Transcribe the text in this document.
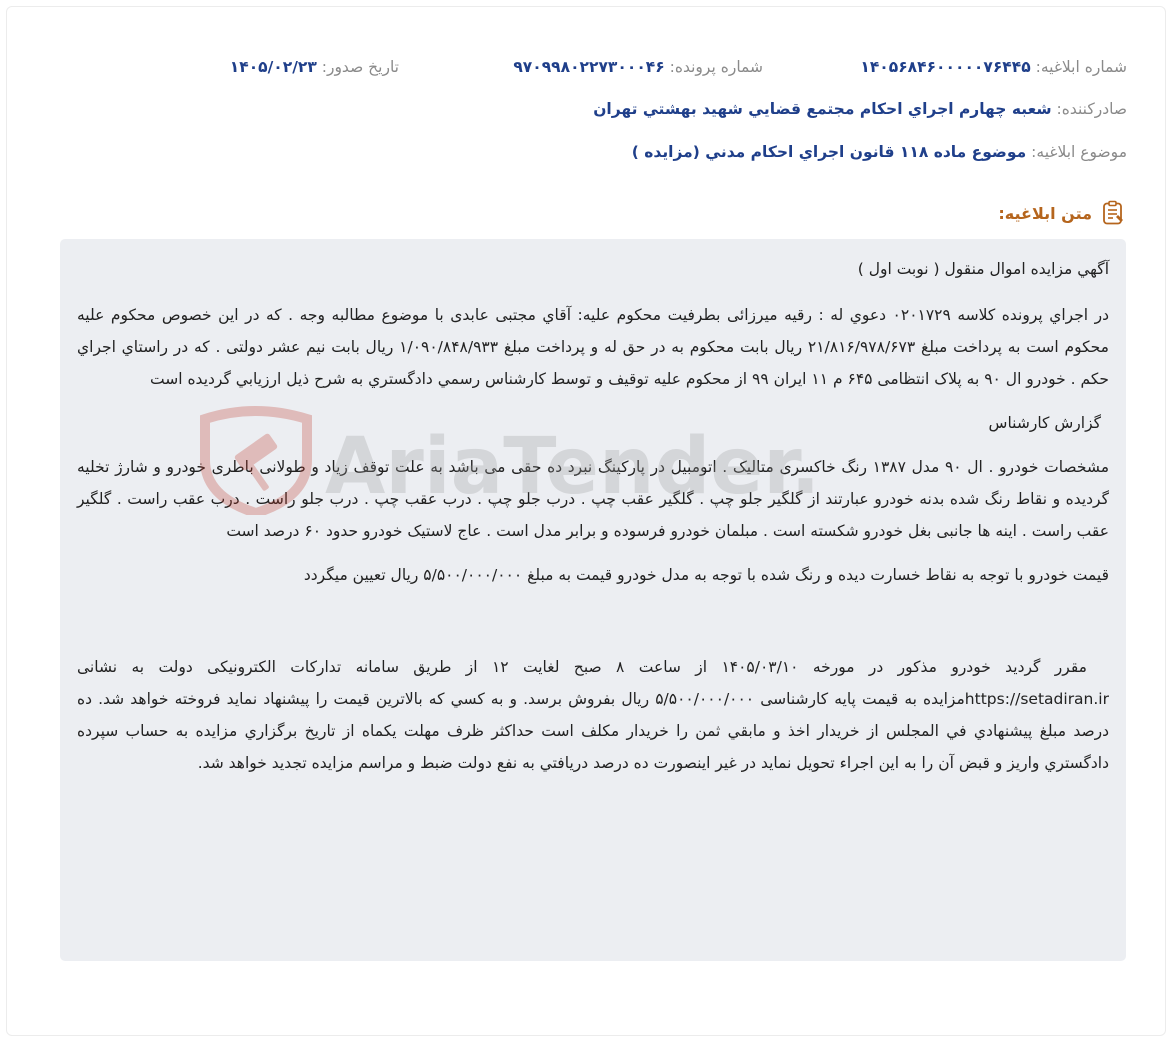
شماره ابلاغيه: ۱۴۰۵۶۸۴۶۰۰۰۰۰۷۶۴۴۵
شماره پرونده: ۹۷۰۹۹۸۰۲۲۷۳۰۰۰۴۶
تاريخ صدور: ۱۴۰۵/۰۲/۲۳
صادرکننده: شعبه چهارم اجراي احکام مجتمع قضايي شهيد بهشتي تهران
موضوع ابلاغيه: موضوع ماده ۱۱۸ قانون اجراي احکام مدني (مزايده )
متن ابلاغيه:

آگهي مزايده اموال منقول ( نوبت اول )

در اجراي پرونده کلاسه ۰۲۰۱۷۲۹ دعوي له : رقيه ميرزائى بطرفيت محکوم عليه: آقاي مجتبى عابدى با موضوع مطالبه وجه . که در اين خصوص محکوم عليه محکوم است به پرداخت مبلغ ۲۱/۸۱۶/۹۷۸/۶۷۳ ريال بابت محکوم به در حق له و پرداخت مبلغ ۱/۰۹۰/۸۴۸/۹۳۳ ريال بابت نيم عشر دولتى . که در راستاي اجراي حکم . خودرو ال ۹۰ به پلاک انتظامى ۶۴۵ م ۱۱ ايران ۹۹ از محکوم عليه توقيف و توسط کارشناس رسمي دادگستري به شرح ذيل ارزيابي گرديده است

گزارش کارشناس

مشخصات خودرو . ال ۹۰ مدل ۱۳۸۷ رنگ خاکسرى متاليک . اتومبيل در پارکينگ نبرد ده حقى مى باشد به علت توقف زياد و طولانى باطرى خودرو و شارژ تخليه گرديده و نقاط رنگ شده بدنه خودرو عبارتند از گلگير جلو چپ . گلگير عقب چپ . درب جلو چپ . درب عقب چپ . درب جلو راست . درب عقب راست . گلگير عقب راست . اينه ها جانبى بغل خودرو شکسته است . مبلمان خودرو فرسوده و برابر مدل است . عاج لاستيک خودرو حدود ۶۰ درصد است

قيمت خودرو با توجه به نقاط خسارت ديده و رنگ شده با توجه به مدل خودرو قيمت به مبلغ ۵/۵۰۰/۰۰۰/۰۰۰ ريال تعيين ميگردد

مقرر گرديد خودرو مذکور در مورخه ۱۴۰۵/۰۳/۱۰ از ساعت ۸ صبح لغايت ۱۲ از طريق سامانه تداركات الكترونيكى دولت به نشانى https://setadiran.irمزايده به قيمت پايه کارشناسى ۵/۵۰۰/۰۰۰/۰۰۰ ريال بفروش برسد. و به کسي که بالاترين قيمت را پيشنهاد نمايد فروخته خواهد شد. ده درصد مبلغ پيشنهادي في المجلس از خريدار اخذ و مابقي ثمن را خريدار مکلف است حداکثر ظرف مهلت يکماه از تاريخ برگزاري مزايده به حساب سپرده دادگستري واريز و قبض آن را به اين اجراء تحويل نمايد در غير اينصورت ده درصد دريافتي به نفع دولت ضبط و مراسم مزايده تجديد خواهد شد.

AriaTender
